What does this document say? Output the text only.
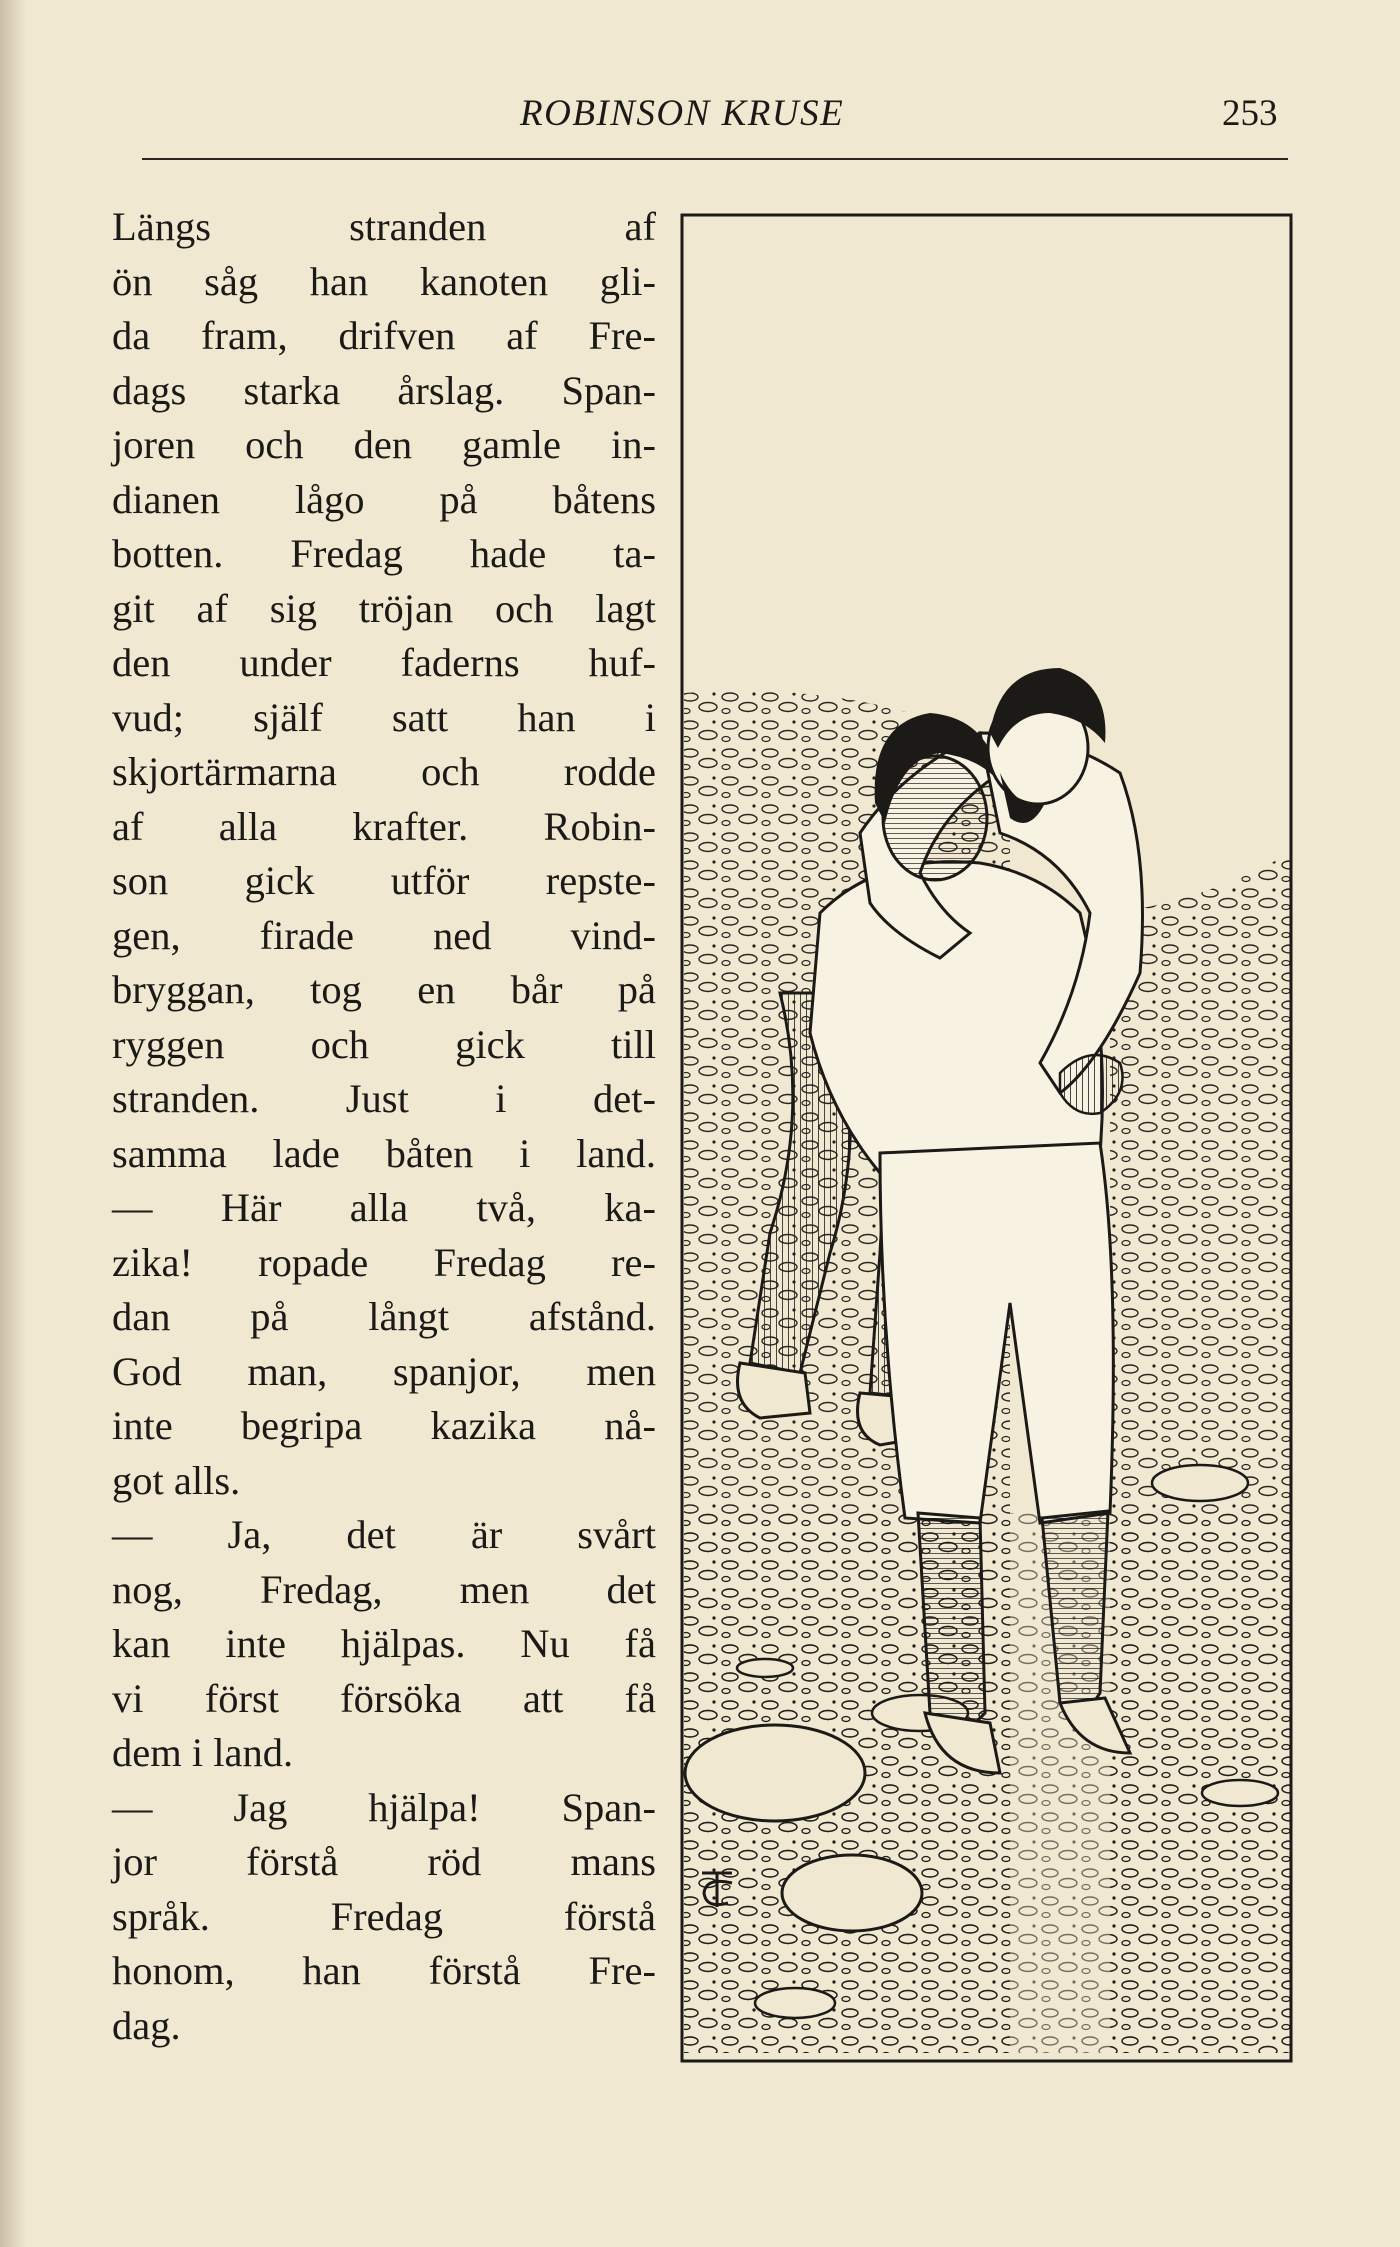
ROBINSON KRUSE	253
Längs	stranden	af
ön såg han kanoten gli-
da fram, drifven af Fre-
dags starka årslag. Span-
joren och den gamle in-
dianen lågo på båtens
botten. Fredag hade ta-
git af sig tröjan och lagt
den under faderns huf-
vud; själf satt han i
skjortärmarna och rodde
af alla krafter. Robin-
son gick utför repste-
gen, firade ned vind-
bryggan, tog en bår på
ryggen och gick till
stranden. Just i det-
samma lade båten i land.
— Här alla två, ka-
zika! ropade Fredag re-
dan på långt afstånd.
God man, spanjor, men
inte begripa kazika nå-
got alls.
— Ja, det är svårt
nog, Fredag, men det
kan inte hjälpas. Nu få
vi först försöka att få
dem i land.
— Jag hjälpa! Span-
jor förstå röd mans
språk.	Fredag	förstå
honom, han förstå Fre-
dag.
